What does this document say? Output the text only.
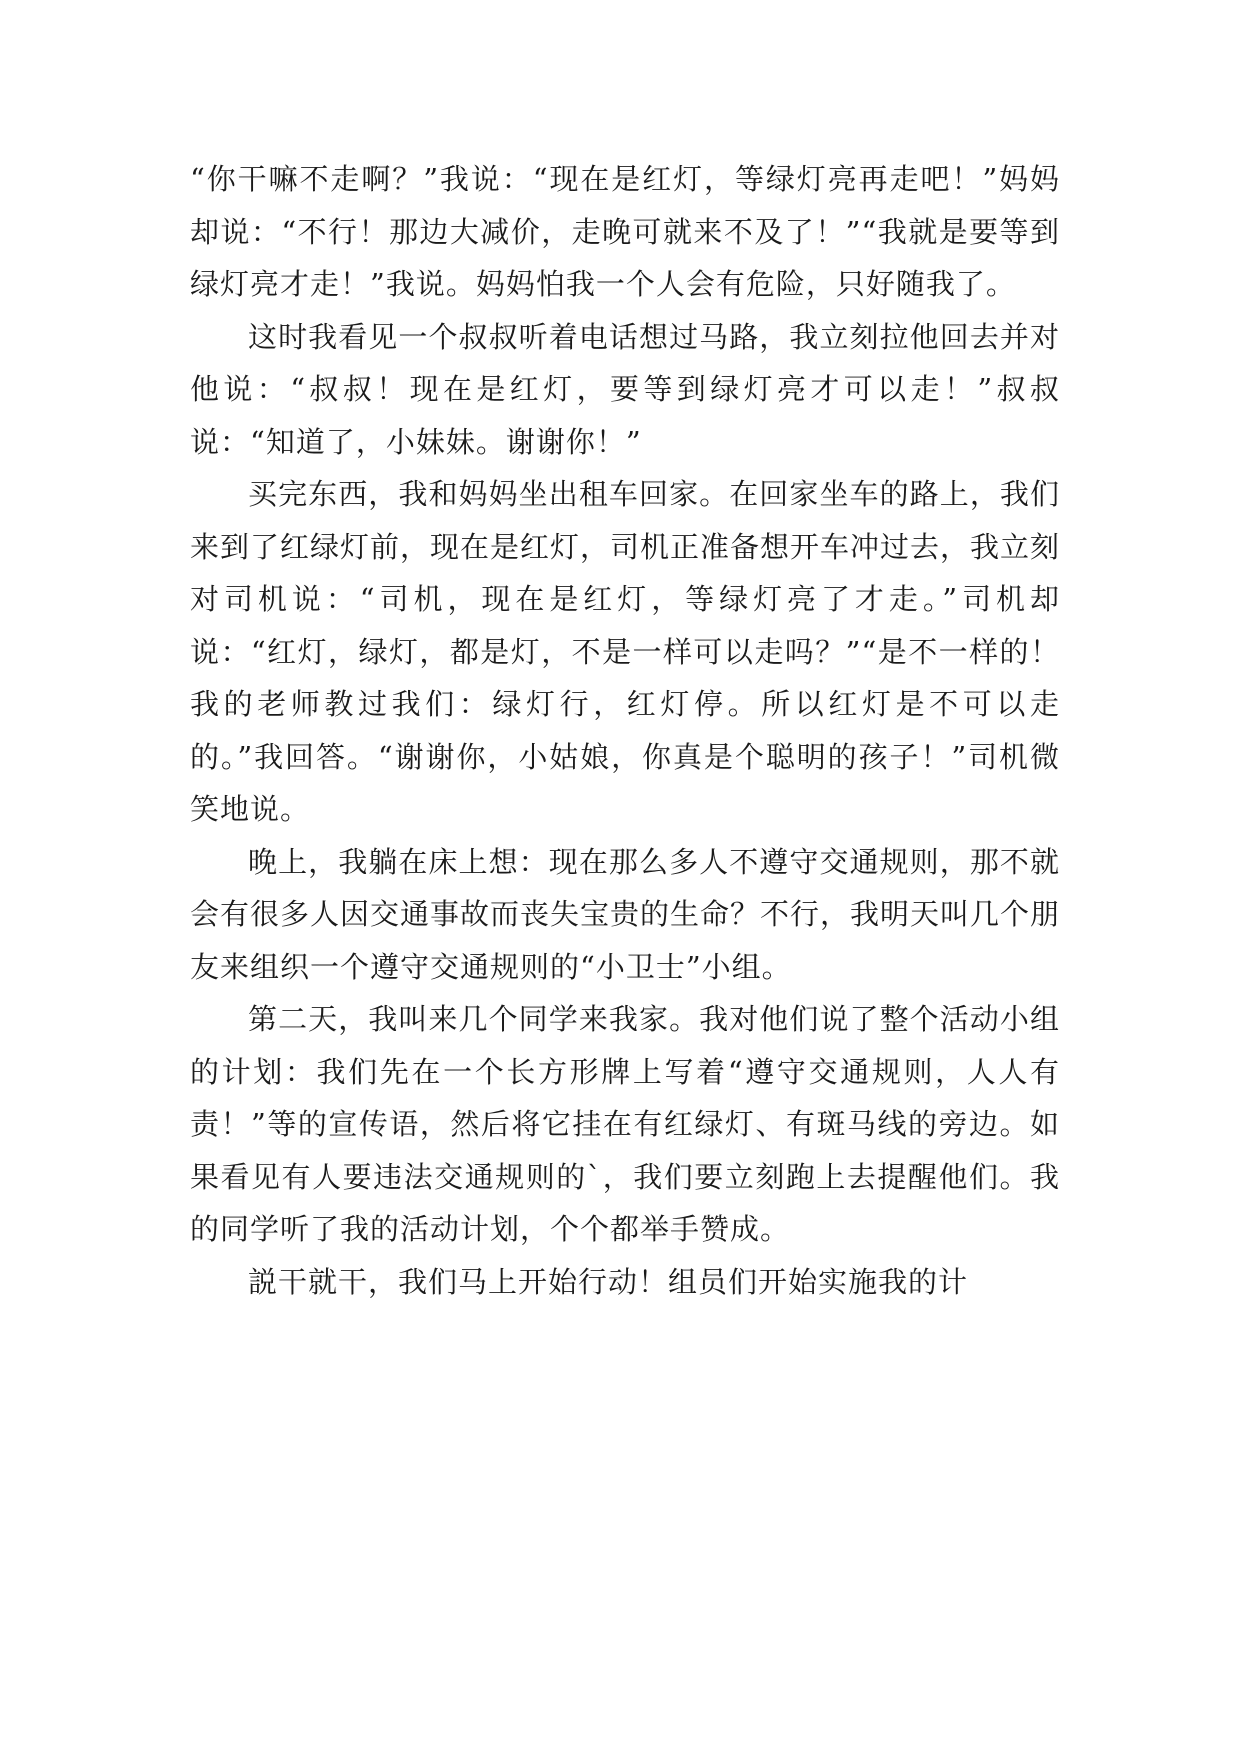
“你干嘛不走啊？”我说：“现在是红灯，等绿灯亮再走吧！”妈妈却说：“不行！那边大减价，走晚可就来不及了！”“我就是要等到绿灯亮才走！”我说。妈妈怕我一个人会有危险，只好随我了。

这时我看见一个叔叔听着电话想过马路，我立刻拉他回去并对他说：“叔叔！现在是红灯，要等到绿灯亮才可以走！”叔叔说：“知道了，小妹妹。谢谢你！”

买完东西，我和妈妈坐出租车回家。在回家坐车的路上，我们来到了红绿灯前，现在是红灯，司机正准备想开车冲过去，我立刻对司机说：“司机，现在是红灯，等绿灯亮了才走。”司机却说：“红灯，绿灯，都是灯，不是一样可以走吗？”“是不一样的！我的老师教过我们：绿灯行，红灯停。所以红灯是不可以走的。”我回答。“谢谢你，小姑娘，你真是个聪明的孩子！”司机微笑地说。

晚上，我躺在床上想：现在那么多人不遵守交通规则，那不就会有很多人因交通事故而丧失宝贵的生命？不行，我明天叫几个朋友来组织一个遵守交通规则的“小卫士”小组。

第二天，我叫来几个同学来我家。我对他们说了整个活动小组的计划：我们先在一个长方形牌上写着“遵守交通规则，人人有责！”等的宣传语，然后将它挂在有红绿灯、有斑马线的旁边。如果看见有人要违法交通规则的`，我们要立刻跑上去提醒他们。我的同学听了我的活动计划，个个都举手赞成。

説干就干，我们马上开始行动！组员们开始实施我的计
